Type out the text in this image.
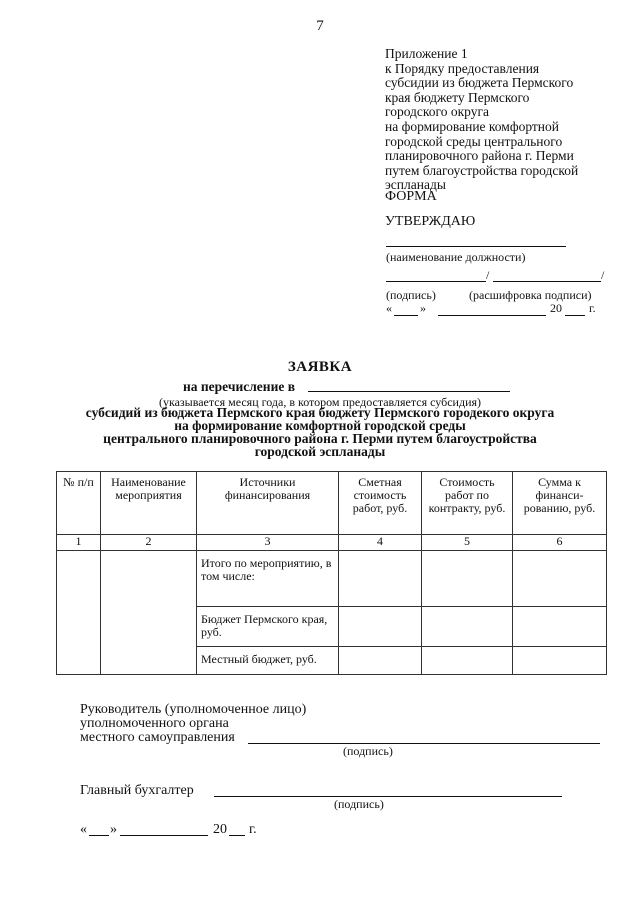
7
Приложение 1
к Порядку предоставления
субсидии из бюджета Пермского
края бюджету Пермского
городского округа
на формирование комфортной
городской среды центрального
планировочного района г. Перми
путем благоустройства городской
эспланады
ФОРМА
УТВЕРЖДАЮ
(наименование должности)
/	/
(подпись)	(расшифровка подписи)
« »	20 г.
ЗАЯВКА
на перечисление в
(указывается месяц года, в котором предоставляется субсидия)
субсидий из бюджета Пермского края бюджету Пермского городекого округа
на формирование комфортной городской среды
центрального планировочного района г. Перми путем благоустройства
городской эспланады
№ п/п	Наименование мероприятия	Источники финансирования	Сметная стоимость работ, руб.	Стоимость работ по контракту, руб.	Сумма к финанси-рованию, руб.
1	2	3	4	5	6
		Итого по мероприятию, в том числе:			
		Бюджет Пермского края, руб.			
		Местный бюджет, руб.			
Руководитель (уполномоченное лицо)
уполномоченного органа
местного самоуправления
(подпись)
Главный бухгалтер
(подпись)
« »	20 г.
